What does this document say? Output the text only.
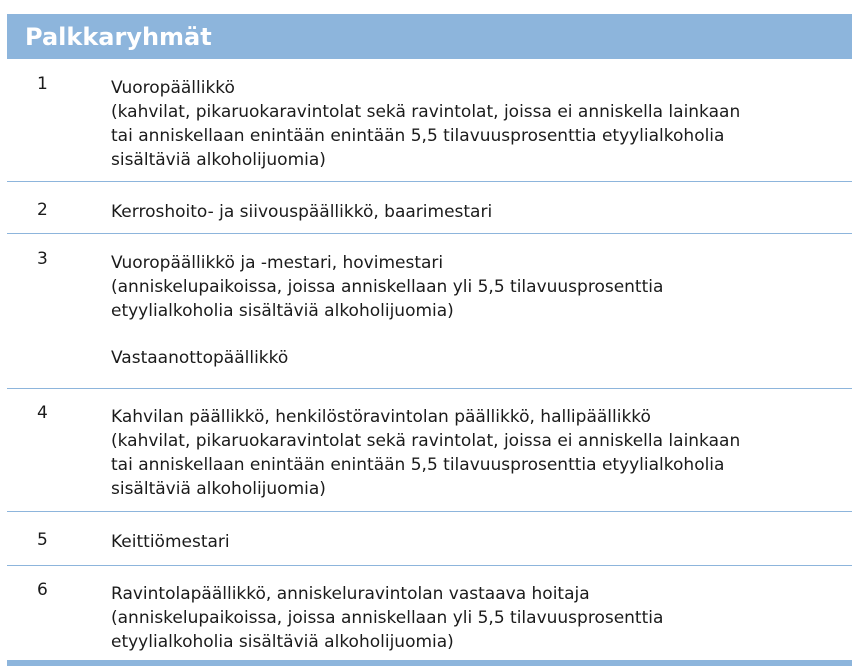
Palkkaryhmät
1	Vuoropäällikkö
(kahvilat, pikaruokaravintolat sekä ravintolat, joissa ei anniskella lainkaan
tai anniskellaan enintään enintään 5,5 tilavuusprosenttia etyylialkoholia
sisältäviä alkoholijuomia)
2	Kerroshoito- ja siivouspäällikkö, baarimestari
3	Vuoropäällikkö ja -mestari, hovimestari
(anniskelupaikoissa, joissa anniskellaan yli 5,5 tilavuusprosenttia
etyylialkoholia sisältäviä alkoholijuomia)
Vastaanottopäällikkö
4	Kahvilan päällikkö, henkilöstöravintolan päällikkö, hallipäällikkö
(kahvilat, pikaruokaravintolat sekä ravintolat, joissa ei anniskella lainkaan
tai anniskellaan enintään enintään 5,5 tilavuusprosenttia etyylialkoholia
sisältäviä alkoholijuomia)
5	Keittiömestari
6	Ravintolapäällikkö, anniskeluravintolan vastaava hoitaja
(anniskelupaikoissa, joissa anniskellaan yli 5,5 tilavuusprosenttia
etyylialkoholia sisältäviä alkoholijuomia)
